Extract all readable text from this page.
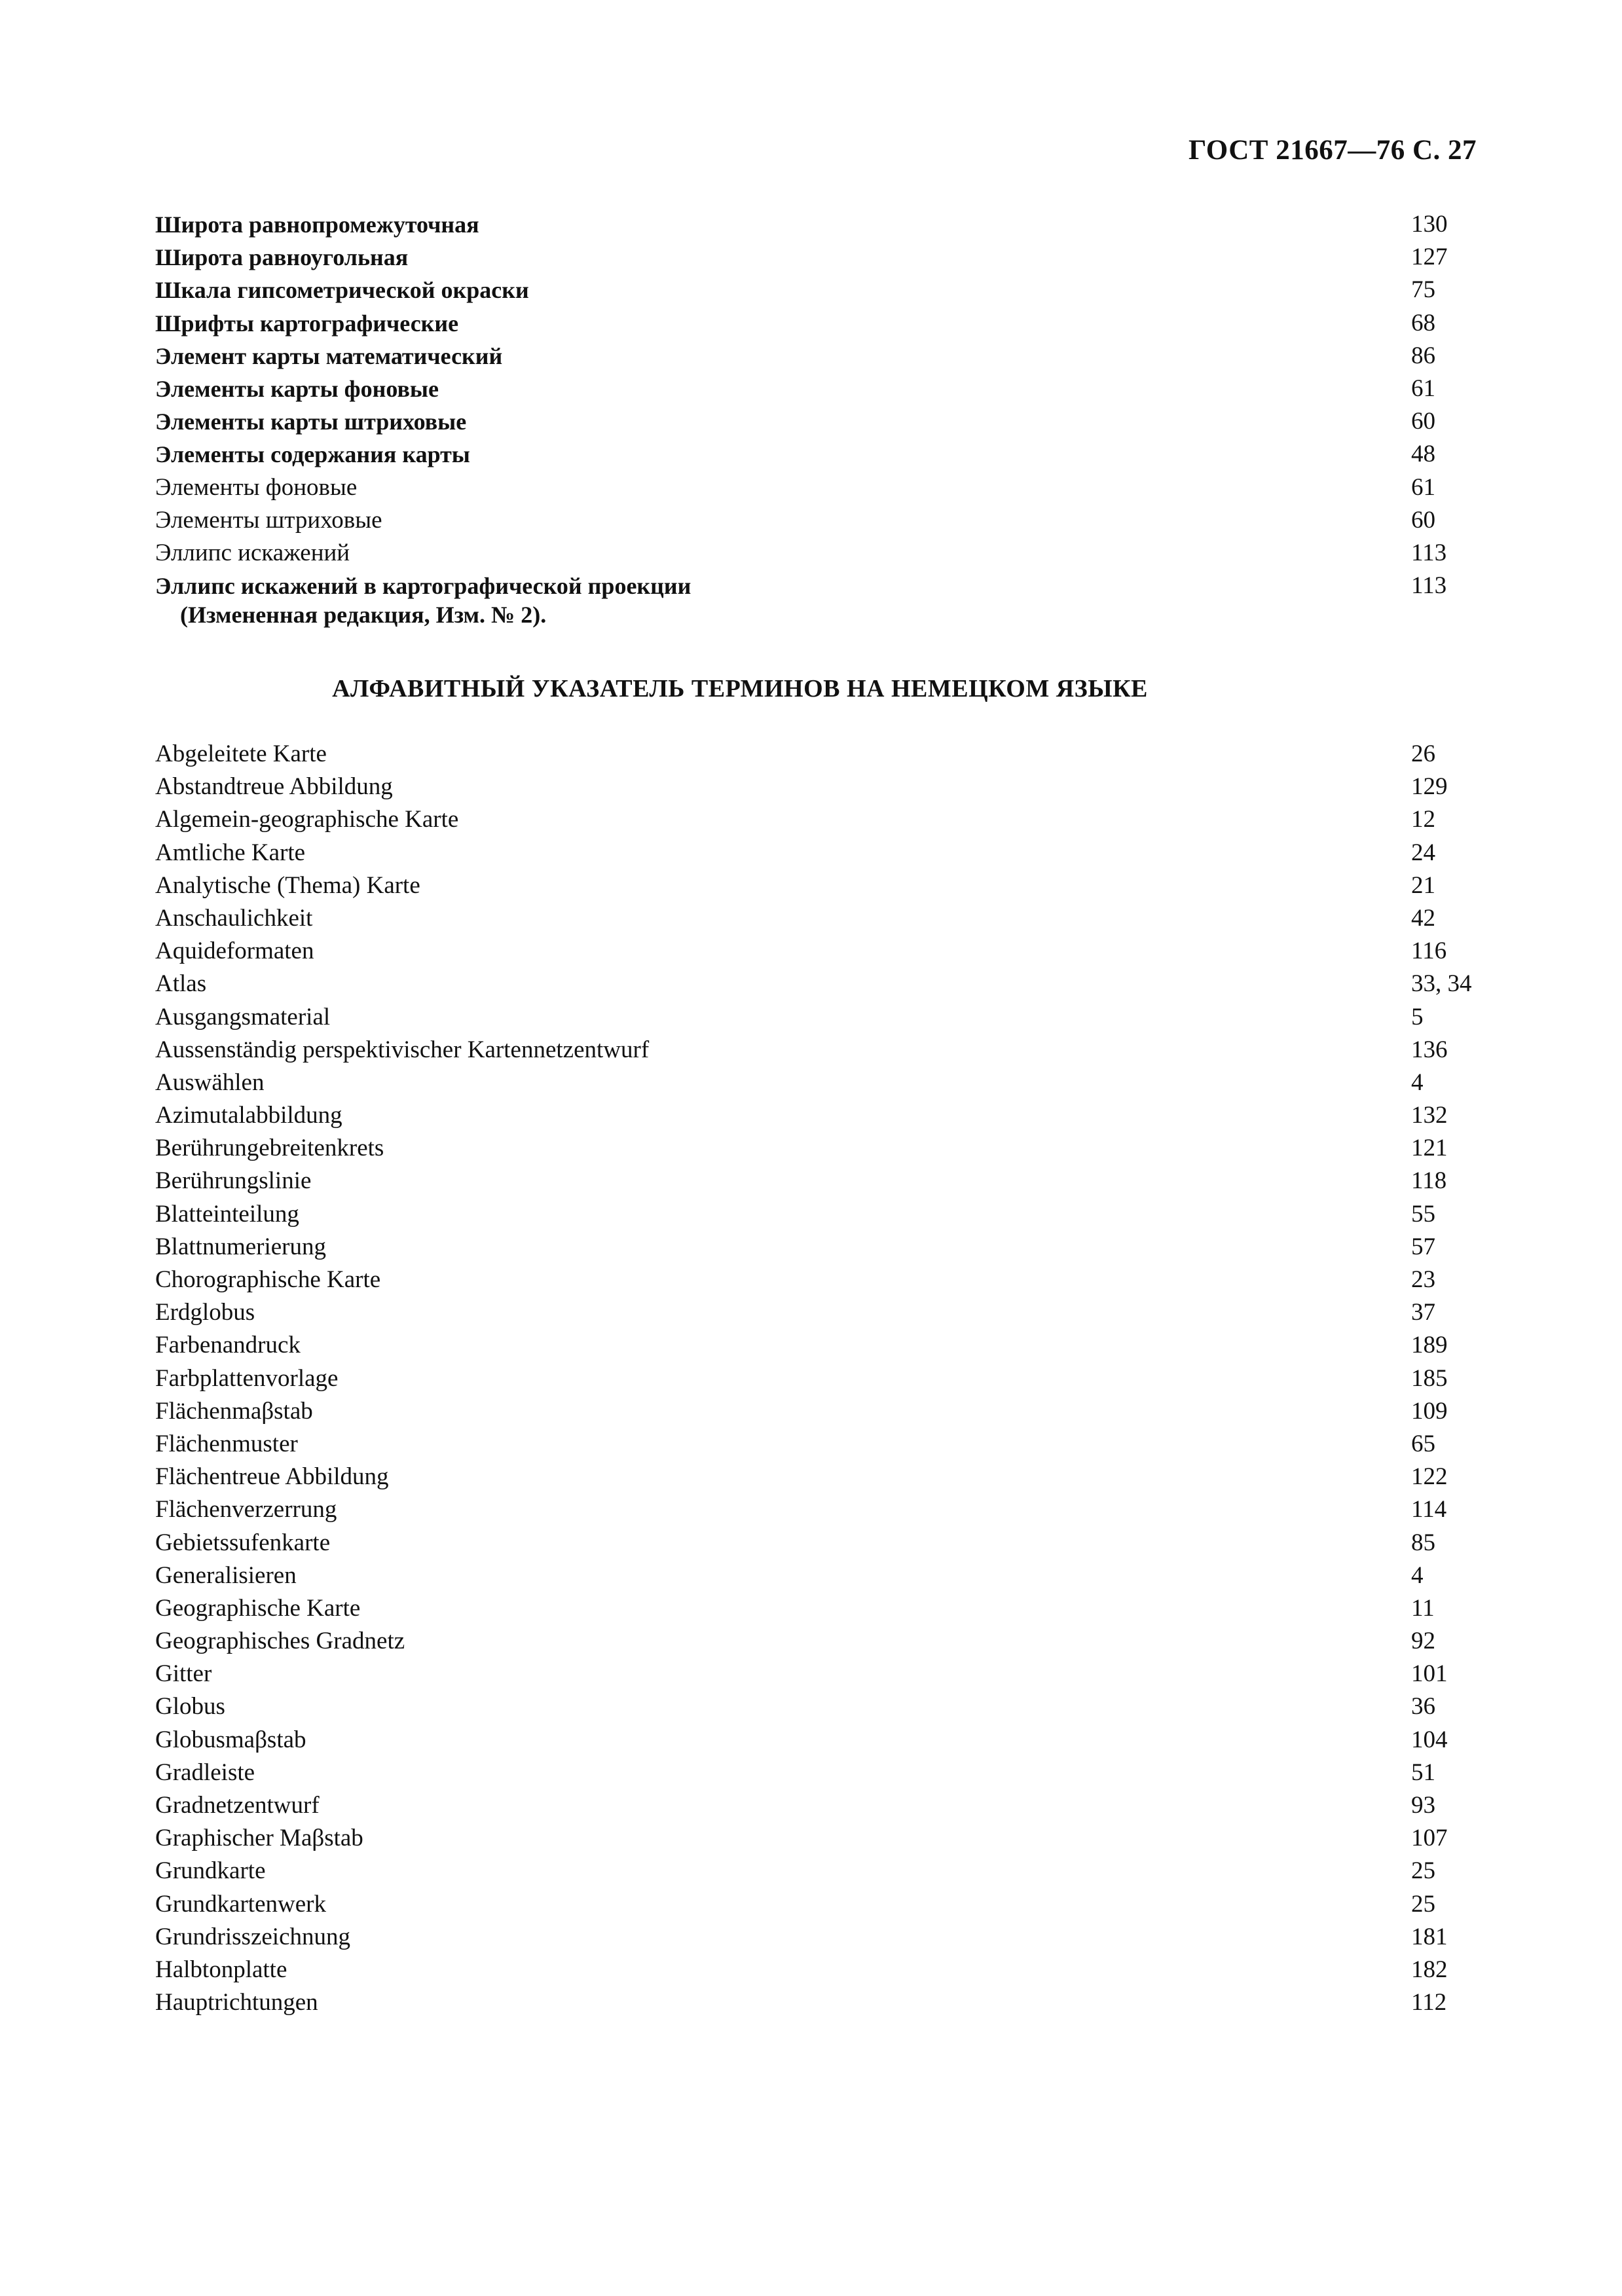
ГОСТ 21667—76 С. 27
Широта равнопромежуточная	130
Широта равноугольная	127
Шкала гипсометрической окраски	75
Шрифты картографические	68
Элемент карты математический	86
Элементы карты фоновые	61
Элементы карты штриховые	60
Элементы содержания карты	48
Элементы фоновые	61
Элементы штриховые	60
Эллипс искажений	113
Эллипс искажений в картографической проекции	113
(Измененная редакция, Изм. № 2).
АЛФАВИТНЫЙ УКАЗАТЕЛЬ ТЕРМИНОВ НА НЕМЕЦКОМ ЯЗЫКЕ
Abgeleitete Karte	26
Abstandtreue Abbildung	129
Algemein-geographische Karte	12
Amtliche Karte	24
Analytische (Thema) Karte	21
Anschaulichkeit	42
Aquideformaten	116
Atlas	33, 34
Ausgangsmaterial	5
Aussenständig perspektivischer Kartennetzentwurf	136
Auswählen	4
Azimutalabbildung	132
Berührungebreitenkrets	121
Berührungslinie	118
Blatteinteilung	55
Blattnumerierung	57
Chorographische Karte	23
Erdglobus	37
Farbenandruck	189
Farbplattenvorlage	185
Flächenmaβstab	109
Flächenmuster	65
Flächentreue Abbildung	122
Flächenverzerrung	114
Gebietssufenkarte	85
Generalisieren	4
Geographische Karte	11
Geographisches Gradnetz	92
Gitter	101
Globus	36
Globusmaβstab	104
Gradleiste	51
Gradnetzentwurf	93
Graphischer Maβstab	107
Grundkarte	25
Grundkartenwerk	25
Grundrisszeichnung	181
Halbtonplatte	182
Hauptrichtungen	112
